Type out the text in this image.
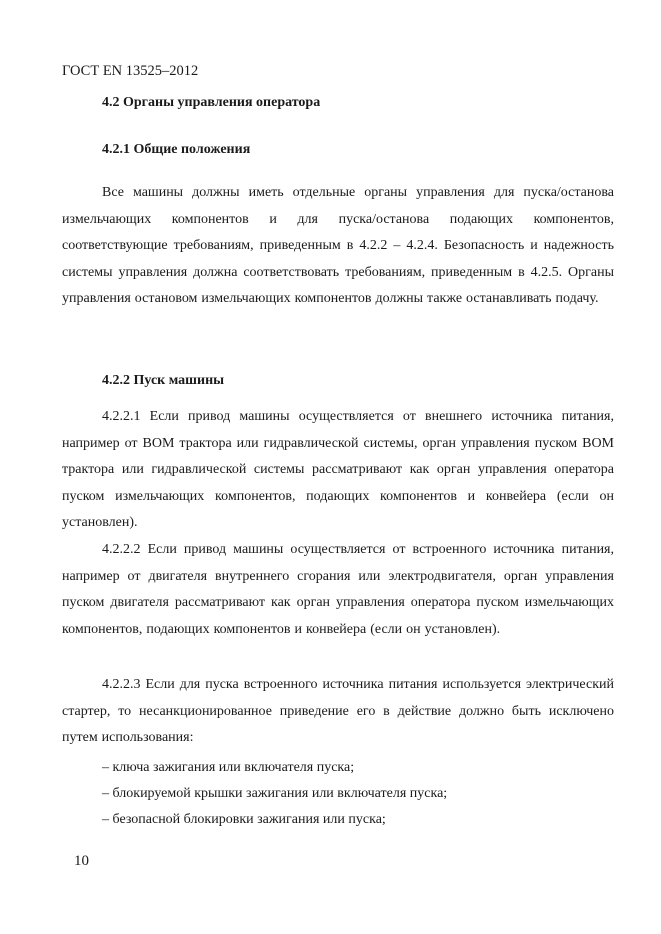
ГОСТ EN 13525–2012
4.2 Органы управления оператора
4.2.1 Общие положения

Все машины должны иметь отдельные органы управления для пуска/останова измельчающих компонентов и для пуска/останова подающих компонентов, соответствующие требованиям, приведенным в 4.2.2 – 4.2.4. Безопасность и надежность системы управления должна соответствовать требованиям, приведенным в 4.2.5. Органы управления остановом измельчающих компонентов должны также останавливать подачу.

4.2.2 Пуск машины

4.2.2.1 Если привод машины осуществляется от внешнего источника питания, например от ВОМ трактора или гидравлической системы, орган управления пуском ВОМ трактора или гидравлической системы рассматривают как орган управления оператора пуском измельчающих компонентов, подающих компонентов и конвейера (если он установлен).

4.2.2.2 Если привод машины осуществляется от встроенного источника питания, например от двигателя внутреннего сгорания или электродвигателя, орган управления пуском двигателя рассматривают как орган управления оператора пуском измельчающих компонентов, подающих компонентов и конвейера (если он установлен).

4.2.2.3 Если для пуска встроенного источника питания используется электрический стартер, то несанкционированное приведение его в действие должно быть исключено путем использования:

– ключа зажигания или включателя пуска;

– блокируемой крышки зажигания или включателя пуска;

– безопасной блокировки зажигания или пуска;

10
